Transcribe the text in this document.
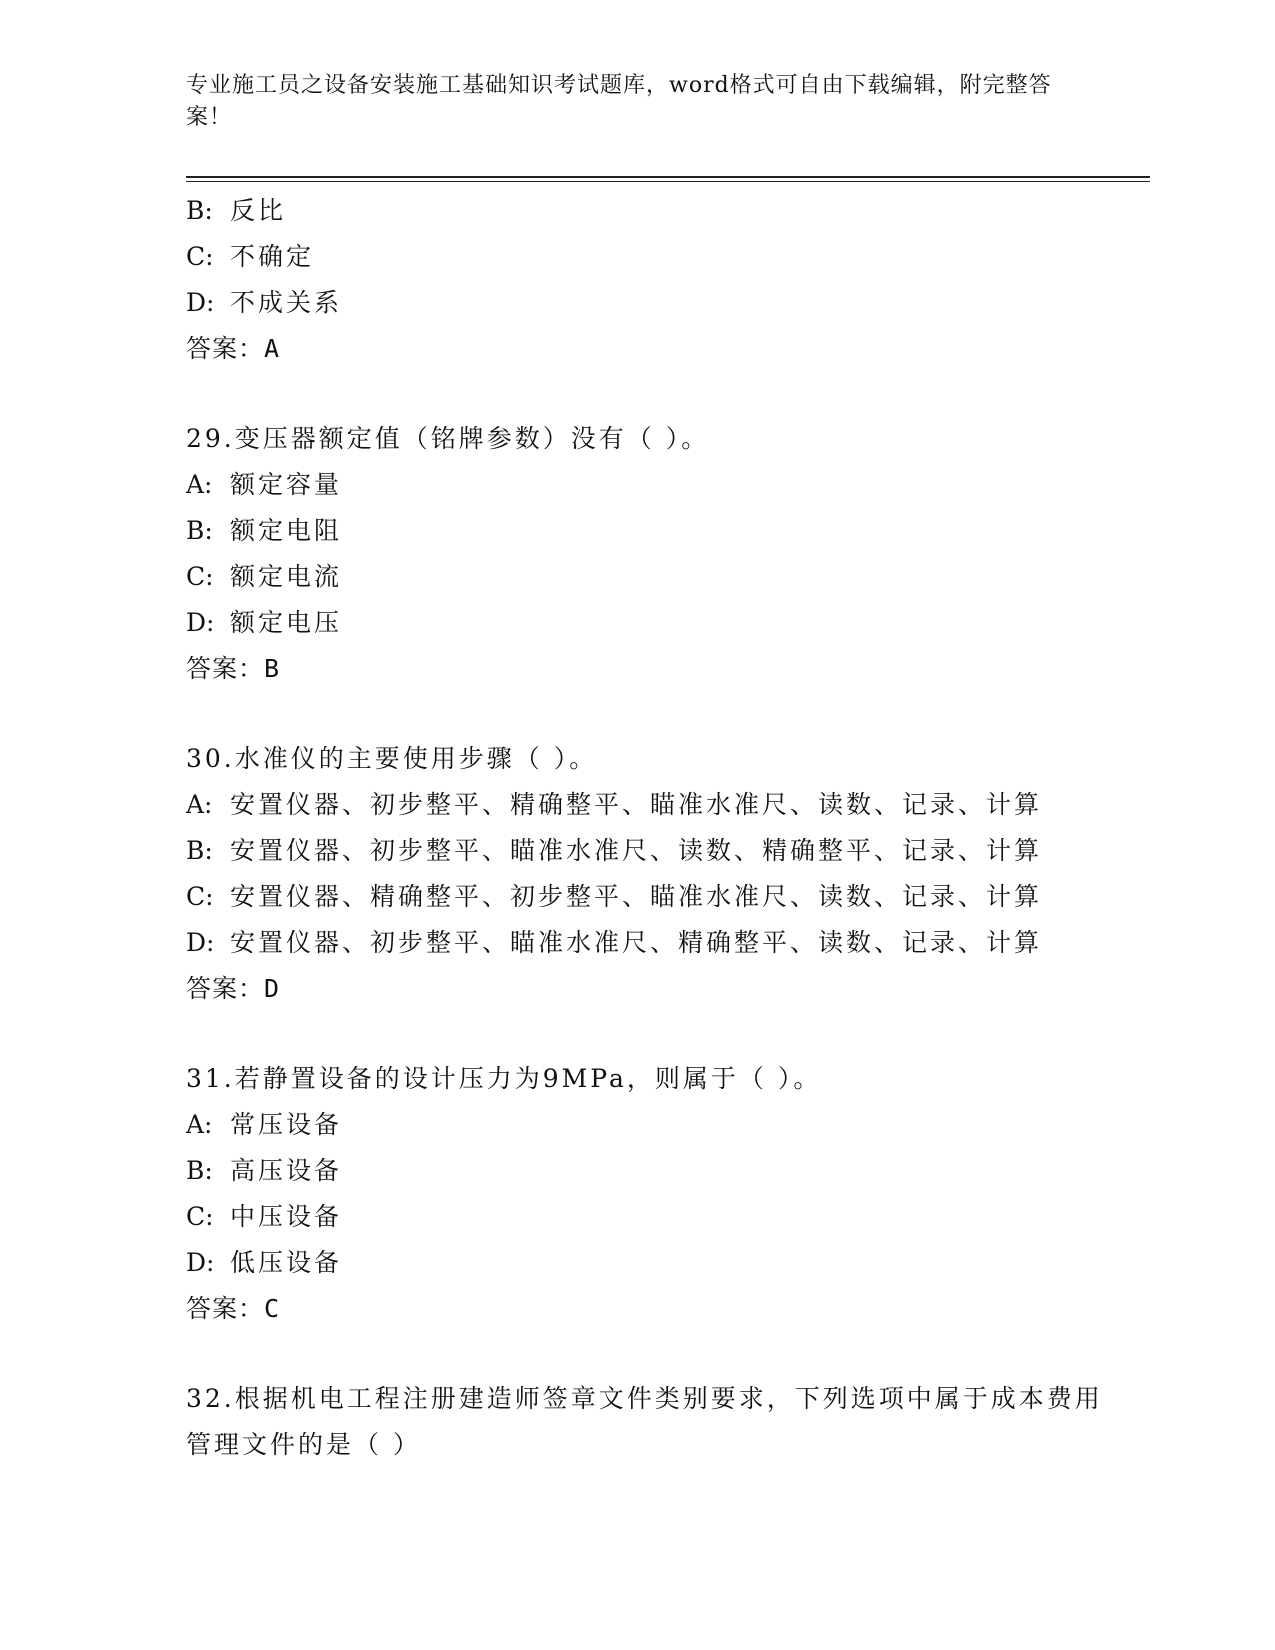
专业施工员之设备安装施工基础知识考试题库，word格式可自由下载编辑，附完整答案！
B: 反比
C: 不确定
D: 不成关系
答案：A
29.变压器额定值（铭牌参数）没有（ ）。
A: 额定容量
B: 额定电阻
C: 额定电流
D: 额定电压
答案：B
30.水准仪的主要使用步骤（ ）。
A: 安置仪器、初步整平、精确整平、瞄准水准尺、读数、记录、计算
B: 安置仪器、初步整平、瞄准水准尺、读数、精确整平、记录、计算
C: 安置仪器、精确整平、初步整平、瞄准水准尺、读数、记录、计算
D: 安置仪器、初步整平、瞄准水准尺、精确整平、读数、记录、计算
答案：D
31.若静置设备的设计压力为9MPa，则属于（ ）。
A: 常压设备
B: 高压设备
C: 中压设备
D: 低压设备
答案：C
32.根据机电工程注册建造师签章文件类别要求，下列选项中属于成本费用管理文件的是（ ）
